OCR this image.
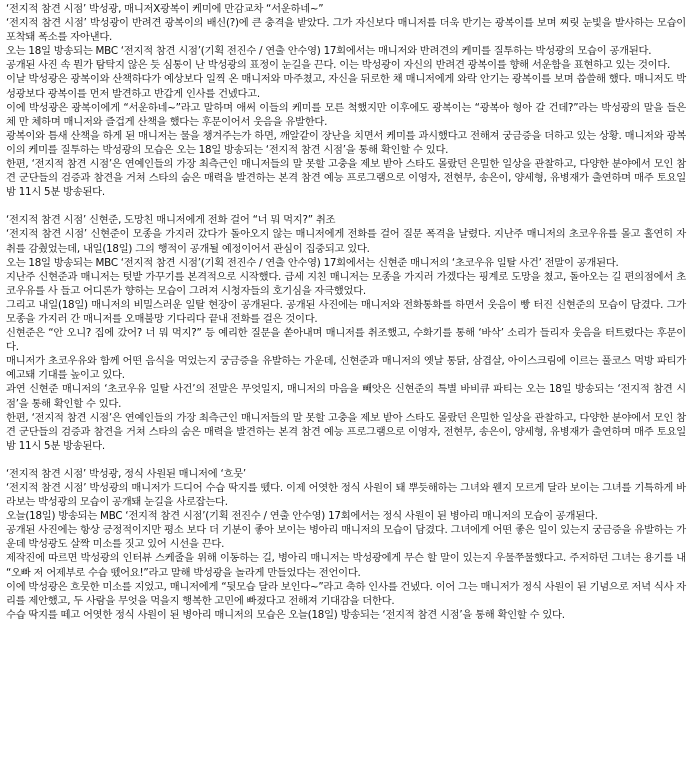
‘전지적 참견 시점’ 박성광, 매니저X광복이 케미에 만감교차 “서운하네~”

‘전지적 참견 시점’ 박성광이 반려견 광복이의 배신(?)에 큰 충격을 받았다. 그가 자신보다 매니저를 더욱 반기는 광복이를 보며 찌릿 눈빛을 발사하는 모습이 포착돼 폭소를 자아낸다.

오는 18일 방송되는 MBC ‘전지적 참견 시점’(기획 전진수 / 연출 안수영) 17회에서는 매니저와 반려견의 케미를 질투하는 박성광의 모습이 공개된다.

공개된 사진 속 뭔가 탐탁지 않은 듯 심통이 난 박성광의 표정이 눈길을 끈다. 이는 박성광이 자신의 반려견 광복이를 향해 서운함을 표현하고 있는 것이다.

이날 박성광은 광복이와 산책하다가 예상보다 일찍 온 매니저와 마주쳤고, 자신을 뒤로한 채 매니저에게 와락 안기는 광복이를 보며 씁쓸해 했다. 매니저도 박성광보다 광복이를 먼저 발견하고 반갑게 인사를 건넸다고.

이에 박성광은 광복이에게 “서운하네~”라고 말하며 애써 이들의 케미를 모른 척했지만 이후에도 광복이는 “광복아 형아 갈 건데?”라는 박성광의 말을 들은 체 만 체하며 매니저와 즐겁게 산책을 했다는 후문이어서 웃음을 유발한다.

광복이와 틈새 산책을 하게 된 매니저는 물을 챙겨주는가 하면, 깨알같이 장난을 치면서 케미를 과시했다고 전해져 궁금증을 더하고 있는 상황. 매니저와 광복이의 케미를 질투하는 박성광의 모습은 오는 18일 방송되는 ‘전지적 참견 시점’을 통해 확인할 수 있다.

한편, ‘전지적 참견 시점’은 연예인들의 가장 최측근인 매니저들의 말 못할 고충을 제보 받아 스타도 몰랐던 은밀한 일상을 관찰하고, 다양한 분야에서 모인 참견 군단들의 검증과 참견을 거쳐 스타의 숨은 매력을 발견하는 본격 참견 예능 프로그램으로 이영자, 전현무, 송은이, 양세형, 유병재가 출연하며 매주 토요일 밤 11시 5분 방송된다.

‘전지적 참견 시점’ 신현준, 도망친 매니저에게 전화 걸어 “너 뭐 먹지?” 취조

‘전지적 참견 시점’ 신현준이 모종을 가지러 갔다가 돌아오지 않는 매니저에게 전화를 걸어 질문 폭격을 날렸다. 지난주 매니저의 초코우유를 몰고 홀연히 자취를 감췄었는데, 내일(18일) 그의 행적이 공개될 예정이어서 관심이 집중되고 있다.

오는 18일 방송되는 MBC ‘전지적 참견 시점’(기획 전진수 / 연출 안수영) 17회에서는 신현준 매니저의 ‘초코우유 일탈 사건’ 전말이 공개된다.

지난주 신현준과 매니저는 텃밭 가꾸기를 본격적으로 시작했다. 급세 지친 매니저는 모종을 가지러 가겠다는 핑계로 도망을 쳤고, 돌아오는 길 편의점에서 초코우유를 사 들고 어디론가 향하는 모습이 그려져 시청자들의 호기심을 자극했었다.

그리고 내일(18일) 매니저의 비밀스러운 일탈 현장이 공개된다. 공개된 사진에는 매니저와 전화통화를 하면서 웃음이 빵 터진 신현준의 모습이 담겼다. 그가 모종을 가지러 간 매니저를 오매불망 기다리다 끝내 전화를 걸은 것이다.

신현준은 “안 오니? 집에 갔어? 너 뭐 먹지?” 등 예리한 질문을 쏟아내며 매니저를 취조했고, 수화기를 통해 ‘바삭’ 소리가 들리자 웃음을 터트렸다는 후문이다.

매니저가 초코우유와 함께 어떤 음식을 먹었는지 궁금증을 유발하는 가운데, 신현준과 매니저의 옛날 통닭, 삼겹살, 아이스크림에 이르는 풀코스 먹방 파티가 예고돼 기대를 높이고 있다.

과연 신현준 매니저의 ‘초코우유 일탈 사건’의 전말은 무엇일지, 매니저의 마음을 빼앗은 신현준의 특별 바비큐 파티는 오는 18일 방송되는 ‘전지적 참견 시점’을 통해 확인할 수 있다.

한편, ‘전지적 참견 시점’은 연예인들의 가장 최측근인 매니저들의 말 못할 고충을 제보 받아 스타도 몰랐던 은밀한 일상을 관찰하고, 다양한 분야에서 모인 참견 군단들의 검증과 참견을 거쳐 스타의 숨은 매력을 발견하는 본격 참견 예능 프로그램으로 이영자, 전현무, 송은이, 양세형, 유병재가 출연하며 매주 토요일 밤 11시 5분 방송된다.

‘전지적 참견 시점’ 박성광, 정식 사원된 매니저에 ‘흐뭇’

‘전지적 참견 시점’ 박성광의 매니저가 드디어 수습 딱지를 뗐다. 이제 어엿한 정식 사원이 돼 뿌듯해하는 그녀와 웬지 모르게 달라 보이는 그녀를 기특하게 바라보는 박성광의 모습이 공개돼 눈길을 사로잡는다.

오늘(18일) 방송되는 MBC ‘전지적 참견 시점’(기획 전진수 / 연출 안수영) 17회에서는 정식 사원이 된 병아리 매니저의 모습이 공개된다.

공개된 사진에는 항상 긍정적이지만 평소 보다 더 기분이 좋아 보이는 병아리 매니저의 모습이 담겼다. 그녀에게 어떤 좋은 일이 있는지 궁금증을 유발하는 가운데 박성광도 살짝 미소를 짓고 있어 시선을 끈다.

제작진에 따르면 박성광의 인터뷰 스케줄을 위해 이동하는 길, 병아리 매니저는 박성광에게 무슨 할 말이 있는지 우물쭈물했다고. 주저하던 그녀는 용기를 내 “오빠 저 어제부로 수습 뗐어요!”라고 말해 박성광을 놀라게 만들었다는 전언이다.

이에 박성광은 흐뭇한 미소를 지었고, 매니저에게 “뒷모습 달라 보인다~”라고 축하 인사를 건넸다. 이어 그는 매니저가 정식 사원이 된 기념으로 저녁 식사 자리를 제안했고, 두 사람을 무엇을 먹을지 행복한 고민에 빠졌다고 전해져 기대감을 더한다.

수습 딱지를 떼고 어엿한 정식 사원이 된 병아리 매니저의 모습은 오늘(18일) 방송되는 ‘전지적 참견 시점’을 통해 확인할 수 있다.
